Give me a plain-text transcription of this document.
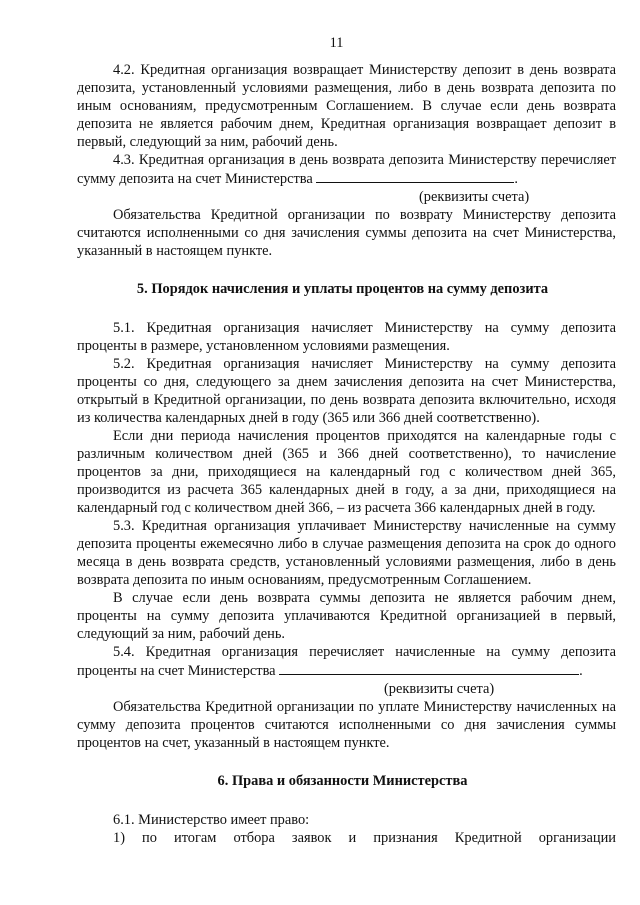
11

4.2. Кредитная организация возвращает Министерству депозит в день возврата депозита, установленный условиями размещения, либо в день возврата депозита по иным основаниям, предусмотренным Соглашением. В случае если день возврата депозита не является рабочим днем, Кредитная организация возвращает депозит в первый, следующий за ним, рабочий день.

4.3. Кредитная организация в день возврата депозита Министерству перечисляет сумму депозита на счет Министерства	.

(реквизиты счета)

Обязательства Кредитной организации по возврату Министерству депозита считаются исполненными со дня зачисления суммы депозита на счет Министерства, указанный в настоящем пункте.

5. Порядок начисления и уплаты процентов на сумму депозита

5.1. Кредитная организация начисляет Министерству на сумму депозита проценты в размере, установленном условиями размещения.

5.2. Кредитная организация начисляет Министерству на сумму депозита проценты со дня, следующего за днем зачисления депозита на счет Министерства, открытый в Кредитной организации, по день возврата депозита включительно, исходя из количества календарных дней в году (365 или 366 дней соответственно).

Если дни периода начисления процентов приходятся на календарные годы с различным количеством дней (365 и 366 дней соответственно), то начисление процентов за дни, приходящиеся на календарный год с количеством дней 365, производится из расчета 365 календарных дней в году, а за дни, приходящиеся на календарный год с количеством дней 366, – из расчета 366 календарных дней в году.

5.3. Кредитная организация уплачивает Министерству начисленные на сумму депозита проценты ежемесячно либо в случае размещения депозита на срок до одного месяца в день возврата средств, установленный условиями размещения, либо в день возврата депозита по иным основаниям, предусмотренным Соглашением.

В случае если день возврата суммы депозита не является рабочим днем, проценты на сумму депозита уплачиваются Кредитной организацией в первый, следующий за ним, рабочий день.

5.4. Кредитная организация перечисляет начисленные на сумму депозита проценты на счет Министерства	.

(реквизиты счета)

Обязательства Кредитной организации по уплате Министерству начисленных на сумму депозита процентов считаются исполненными со дня зачисления суммы процентов на счет, указанный в настоящем пункте.

6. Права и обязанности Министерства

6.1. Министерство имеет право:

1) по итогам отбора заявок и признания Кредитной организации
